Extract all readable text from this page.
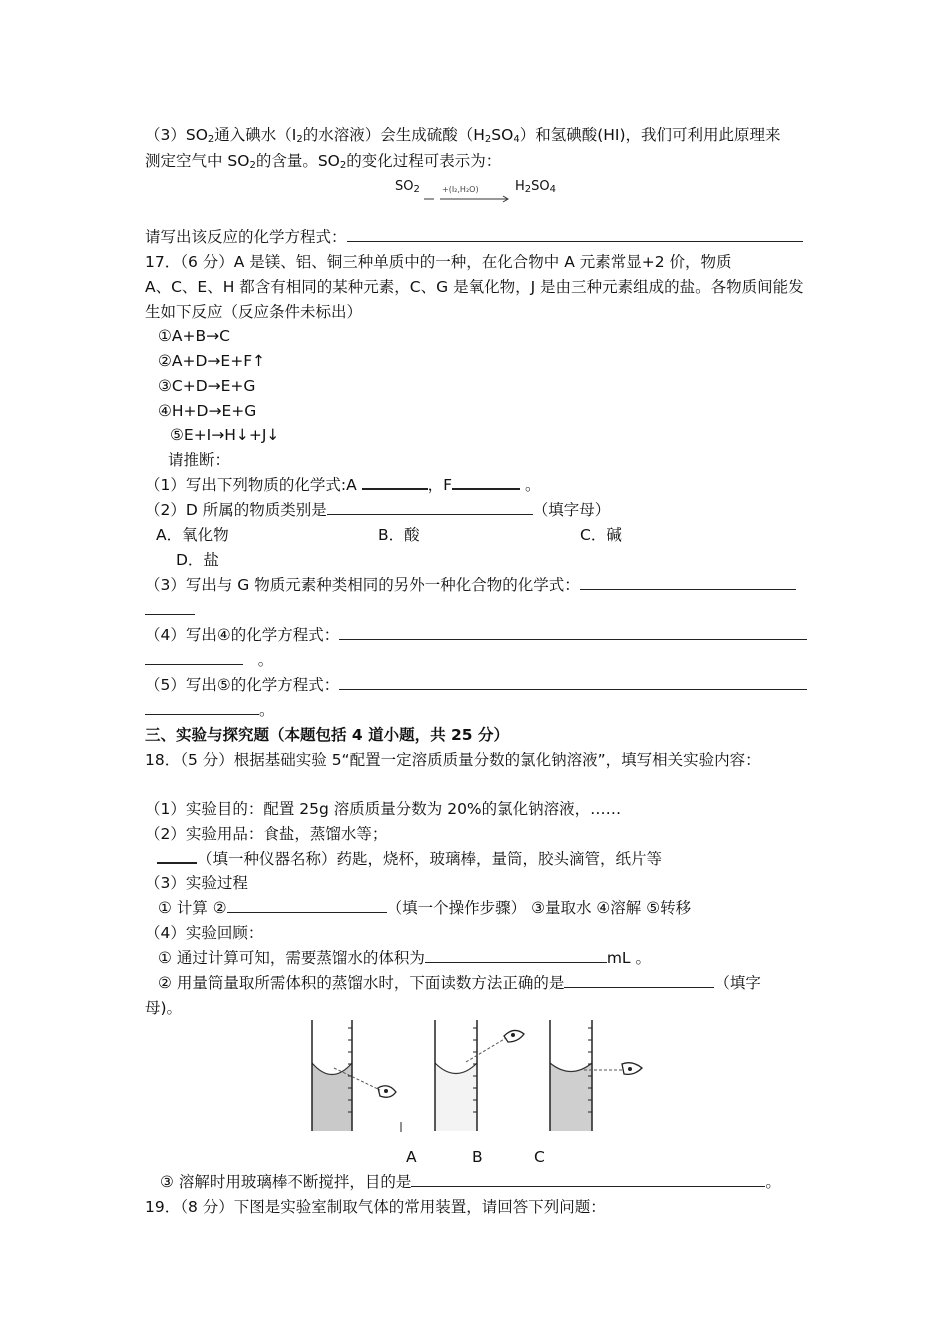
$(3)SO_2$通入碘水（$I_2$的水溶液）会生成硫酸$(H_2SO_4)$和氢碘酸(HI)，我们可利用此原理来
测定空气中 $SO_2$的含量。$SO_2$的变化过程可表示为：
$SO_2$	+(I₂,H₂O)	$H_2SO_4$
请写出该反应的化学方程式：
17．（6 分）A 是镁、铝、铜三种单质中的一种，在化合物中 A 元素常显+2 价，物质
A、C、E、H 都含有相同的某种元素，C、G 是氧化物，J 是由三种元素组成的盐。各物质间能发
生如下反应（反应条件未标出）
①A+B→C
②A+D→E+F↑
③C+D→E+G
④H+D→E+G
⑤E+I→H↓+J↓
请推断：
（1）写出下列物质的化学式:A	，F	。
（2）D 所属的物质类别是	（填字母）
A．氧化物	B．酸	C．碱
D．盐
（3）写出与 G 物质元素种类相同的另外一种化合物的化学式：
（4）写出④的化学方程式：
。
（5）写出⑤的化学方程式：
。
三、实验与探究题（本题包括 4 道小题，共 25 分）
18．（5 分）根据基础实验 5“配置一定溶质质量分数的氯化钠溶液”，填写相关实验内容：
（1）实验目的：配置 25g 溶质质量分数为 20%的氯化钠溶液，……
（2）实验用品：食盐，蒸馏水等；
（填一种仪器名称）药匙，烧杯，玻璃棒，量筒，胶头滴管，纸片等
（3）实验过程
① 计算 ②	（填一个操作步骤） ③量取水 ④溶解 ⑤转移
（4）实验回顾：
① 通过计算可知，需要蒸馏水的体积为	mL 。
② 用量筒量取所需体积的蒸馏水时，下面读数方法正确的是	（填字
母)。
A	B	C
③ 溶解时用玻璃棒不断搅拌，目的是	。
19．（8 分）下图是实验室制取气体的常用装置，请回答下列问题：
